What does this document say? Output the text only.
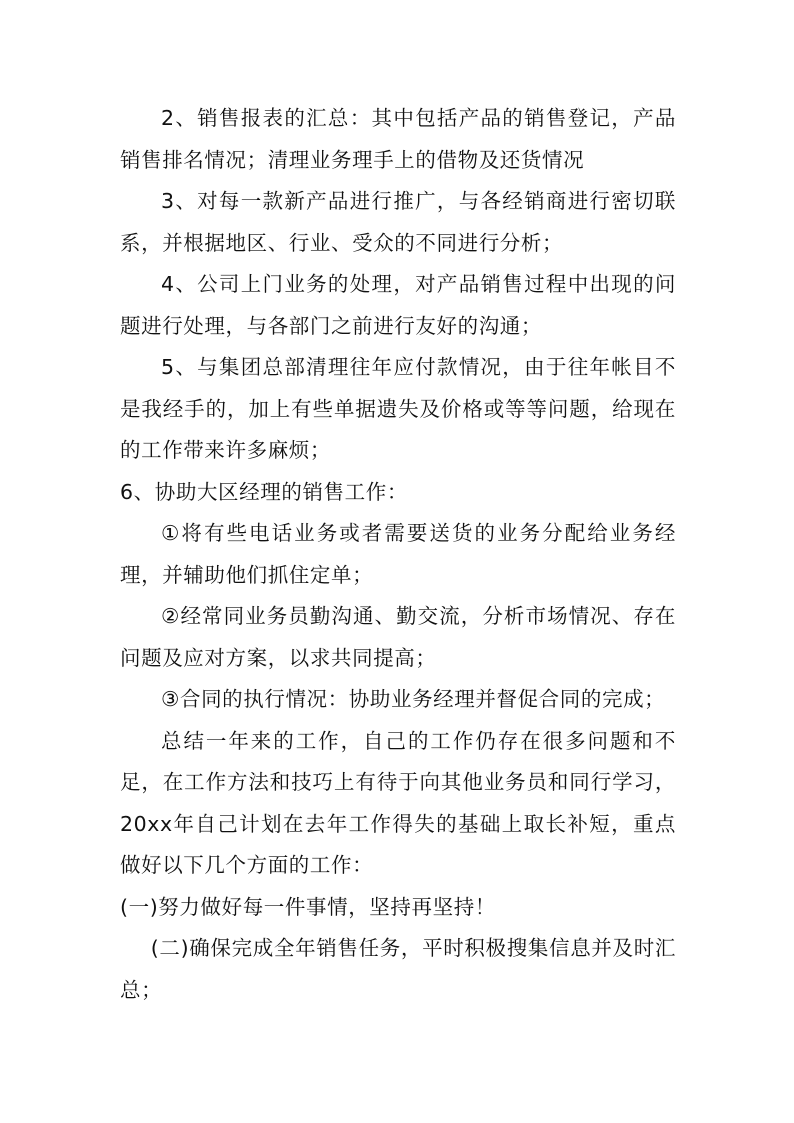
2、销售报表的汇总：其中包括产品的销售登记，产品销售排名情况；清理业务理手上的借物及还货情况

3、对每一款新产品进行推广，与各经销商进行密切联系，并根据地区、行业、受众的不同进行分析；

4、公司上门业务的处理，对产品销售过程中出现的问题进行处理，与各部门之前进行友好的沟通；

5、与集团总部清理往年应付款情况，由于往年帐目不是我经手的，加上有些单据遗失及价格或等等问题，给现在的工作带来许多麻烦；

6、协助大区经理的销售工作：

①将有些电话业务或者需要送货的业务分配给业务经理，并辅助他们抓住定单；

②经常同业务员勤沟通、勤交流，分析市场情况、存在问题及应对方案，以求共同提高；

③合同的执行情况：协助业务经理并督促合同的完成；

总结一年来的工作，自己的工作仍存在很多问题和不足，在工作方法和技巧上有待于向其他业务员和同行学习，20xx年自己计划在去年工作得失的基础上取长补短，重点做好以下几个方面的工作：

(一)努力做好每一件事情，坚持再坚持！

(二)确保完成全年销售任务，平时积极搜集信息并及时汇总；
